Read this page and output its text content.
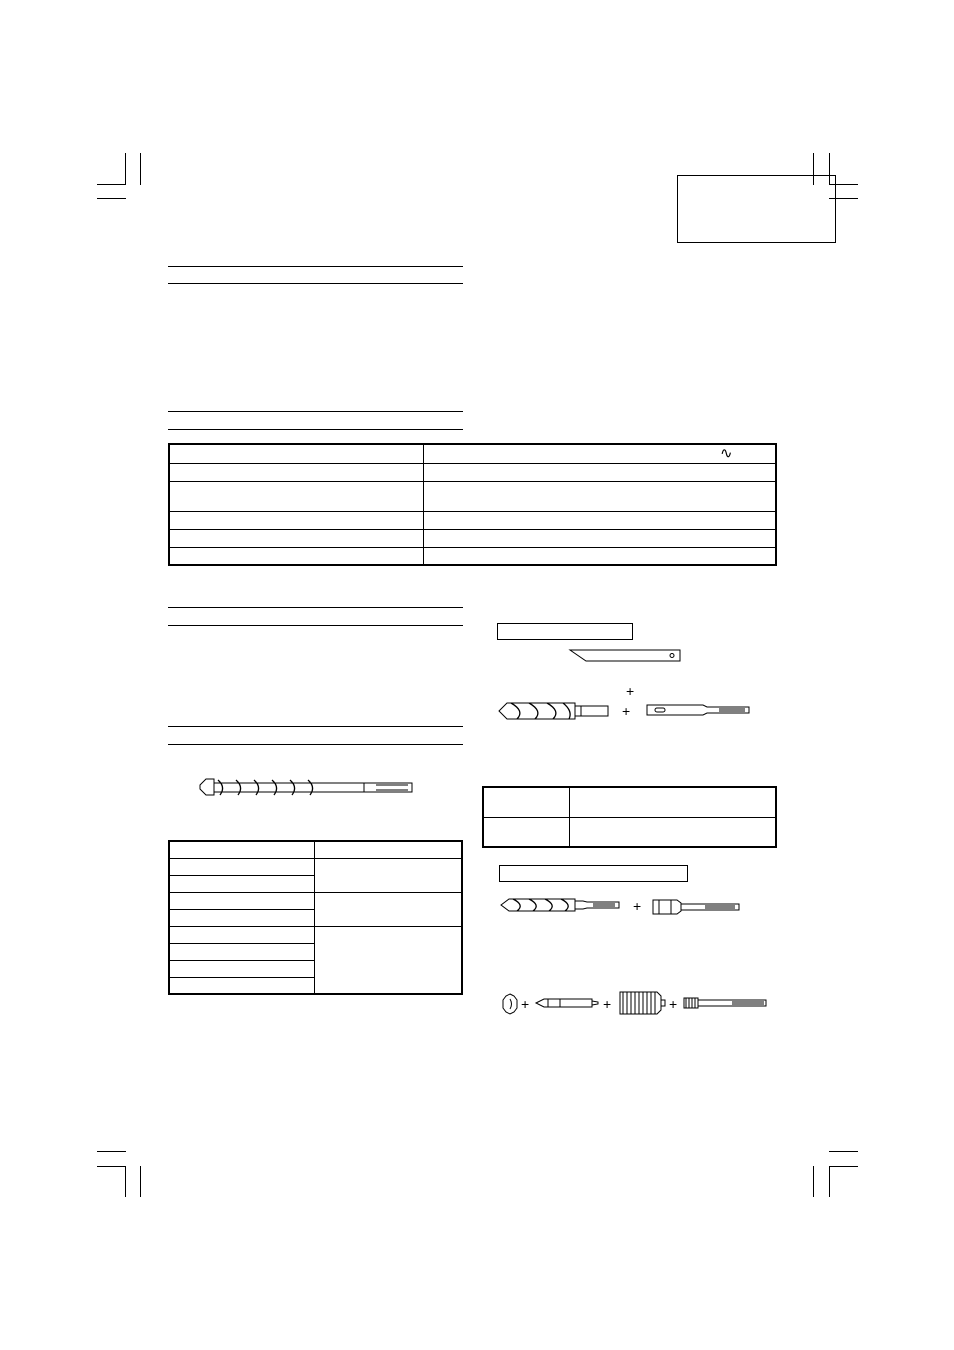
	∿

+
+

+
+	+	+
